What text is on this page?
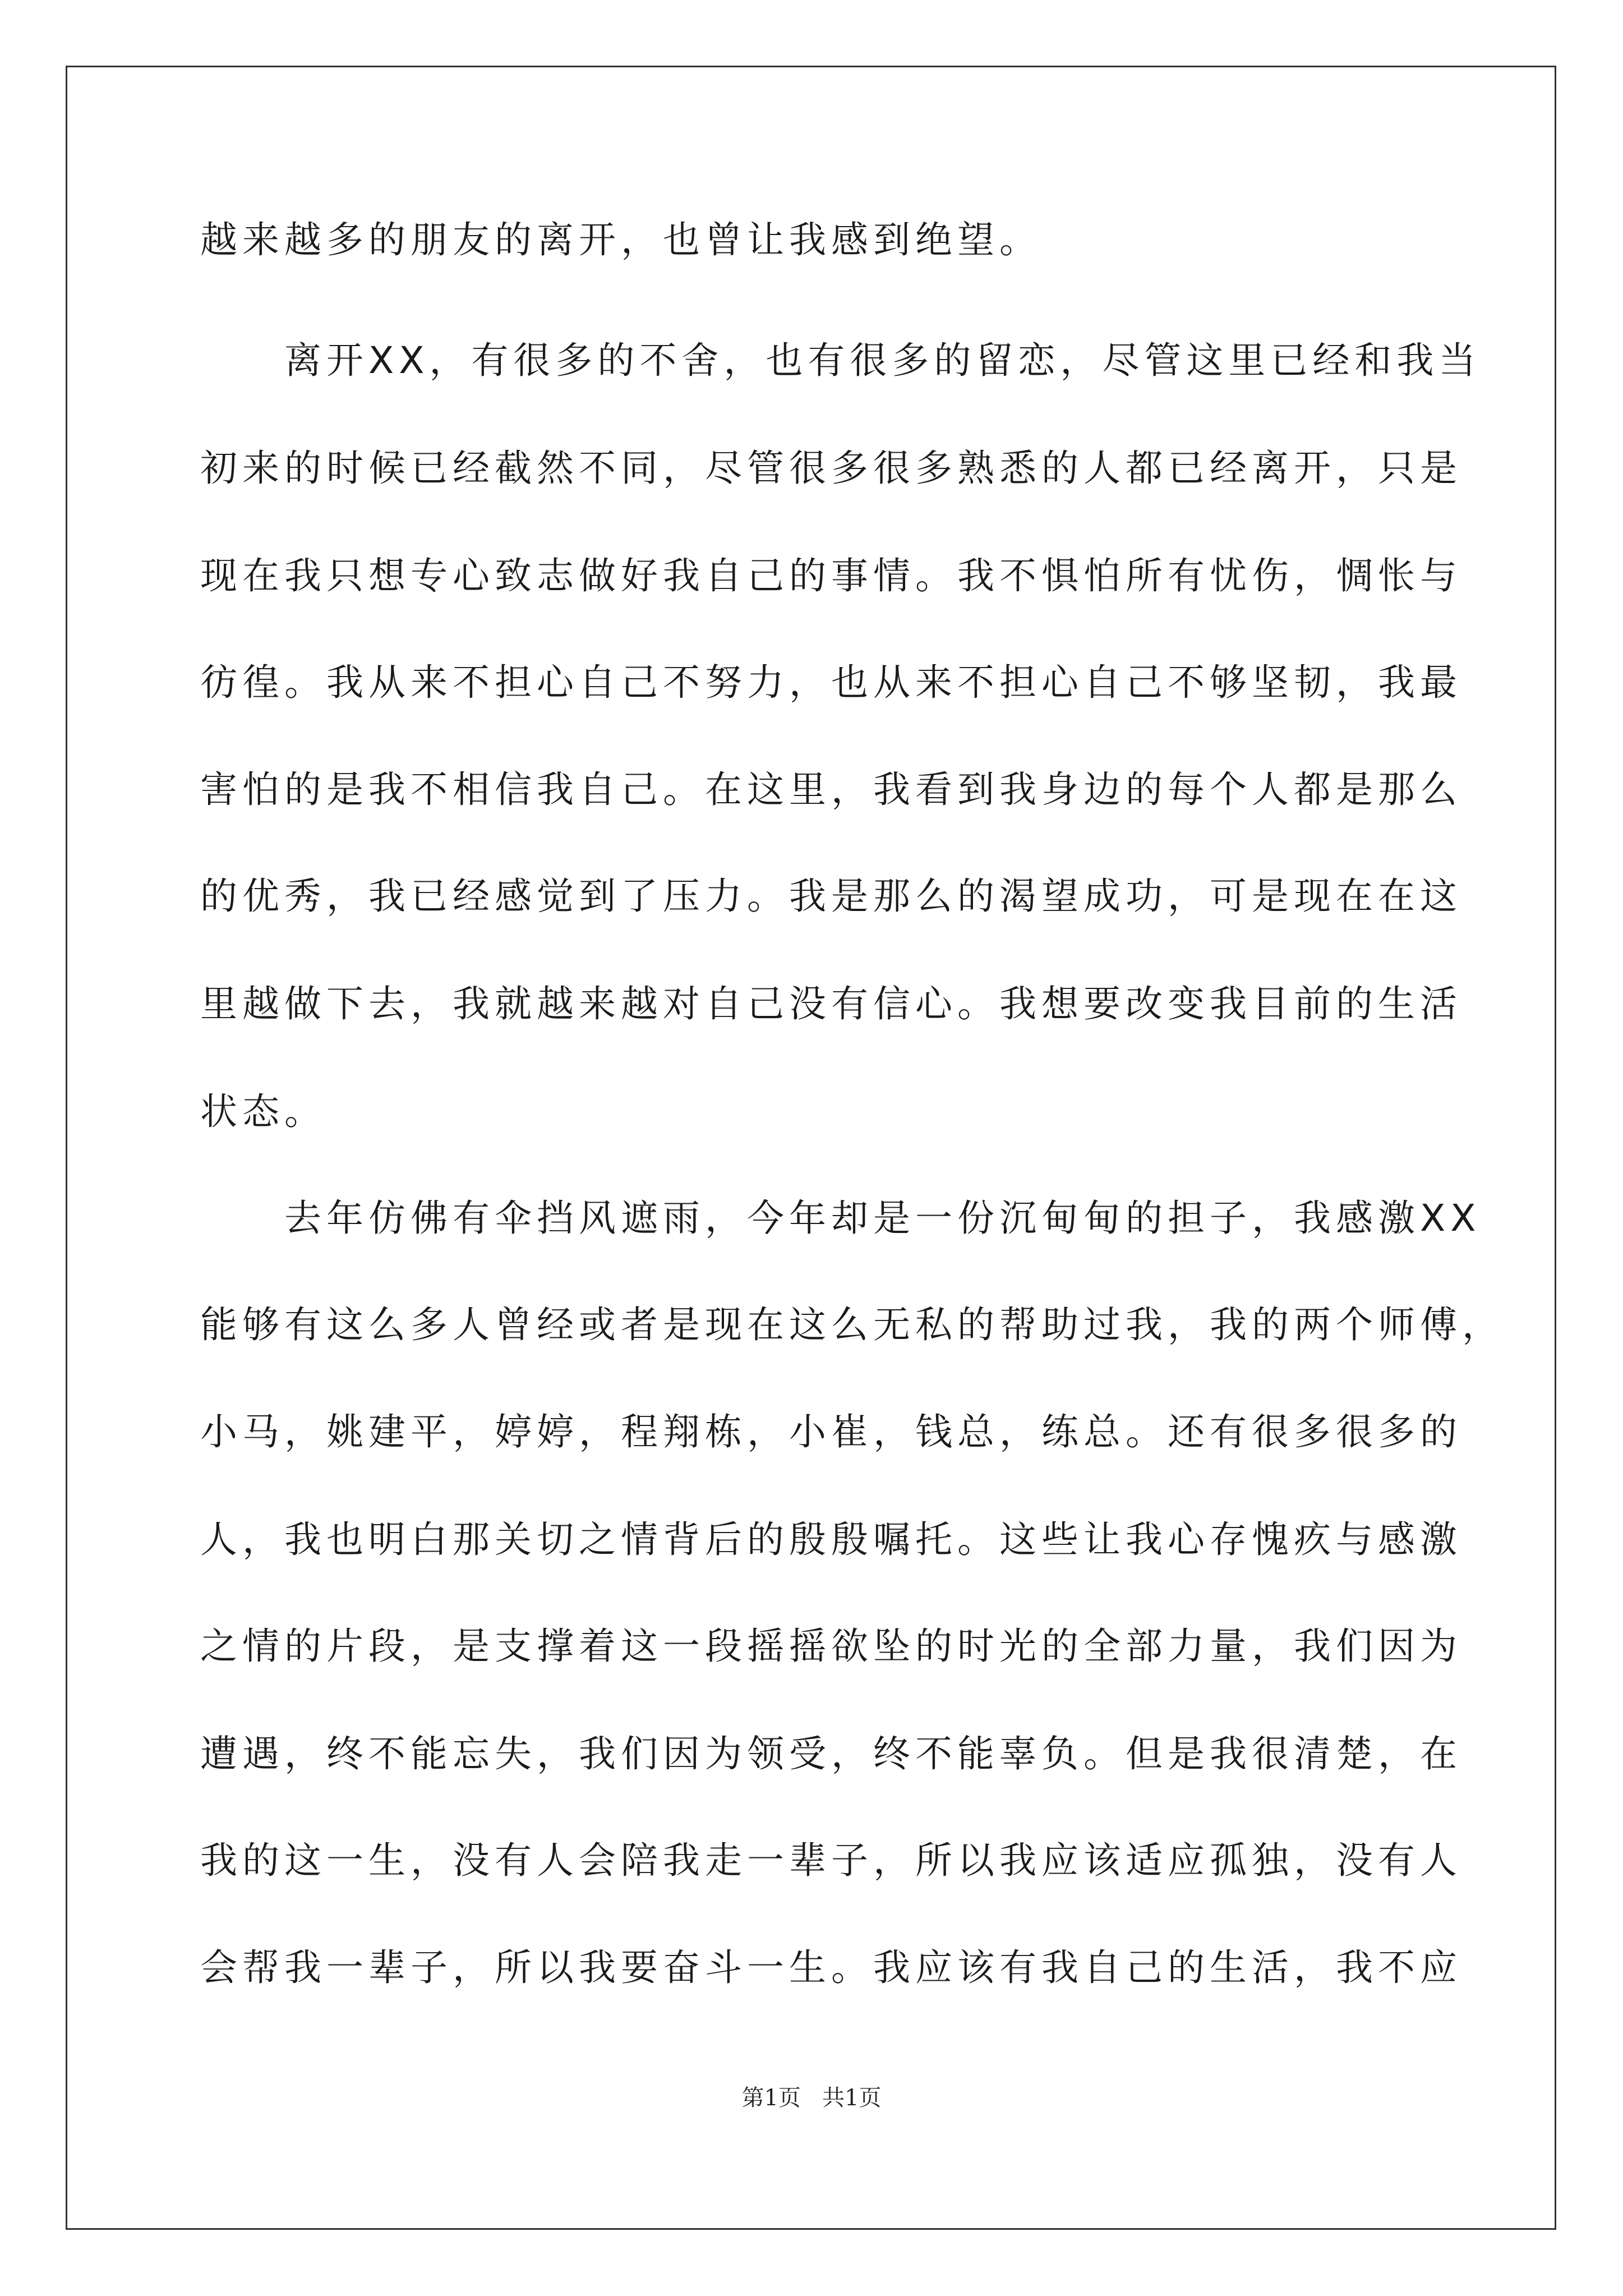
越来越多的朋友的离开，也曾让我感到绝望。
离开XX，有很多的不舍，也有很多的留恋，尽管这里已经和我当
初来的时候已经截然不同，尽管很多很多熟悉的人都已经离开，只是
现在我只想专心致志做好我自己的事情。我不惧怕所有忧伤，惆怅与
彷徨。我从来不担心自己不努力，也从来不担心自己不够坚韧，我最
害怕的是我不相信我自己。在这里，我看到我身边的每个人都是那么
的优秀，我已经感觉到了压力。我是那么的渴望成功，可是现在在这
里越做下去，我就越来越对自己没有信心。我想要改变我目前的生活
状态。
去年仿佛有伞挡风遮雨，今年却是一份沉甸甸的担子，我感激XX
能够有这么多人曾经或者是现在这么无私的帮助过我，我的两个师傅，
小马，姚建平，婷婷，程翔栋，小崔，钱总，练总。还有很多很多的
人，我也明白那关切之情背后的殷殷嘱托。这些让我心存愧疚与感激
之情的片段，是支撑着这一段摇摇欲坠的时光的全部力量，我们因为
遭遇，终不能忘失，我们因为领受，终不能辜负。但是我很清楚，在
我的这一生，没有人会陪我走一辈子，所以我应该适应孤独，没有人
会帮我一辈子，所以我要奋斗一生。我应该有我自己的生活，我不应
第1页   共1页
